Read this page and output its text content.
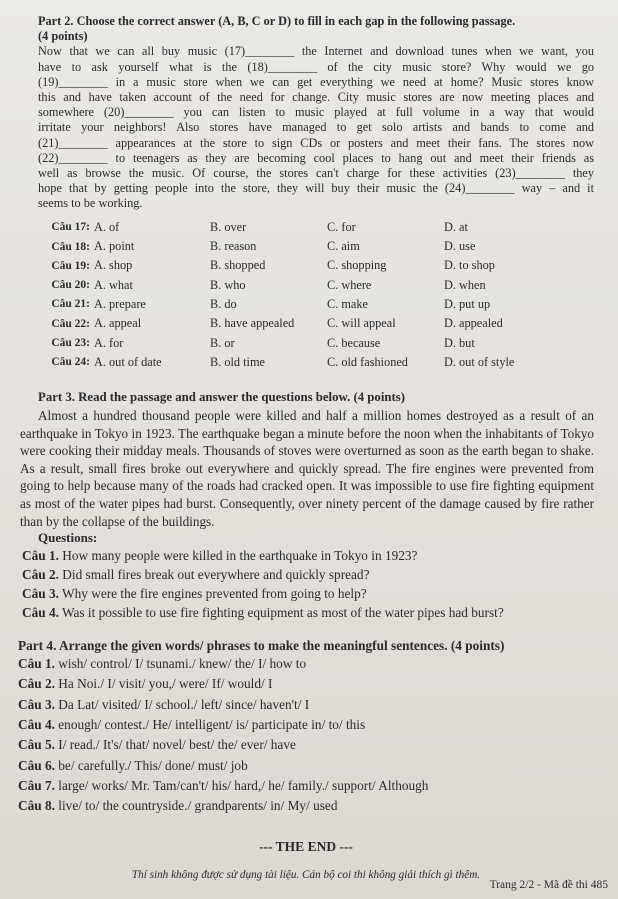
Part 2. Choose the correct answer (A, B, C or D) to fill in each gap in the following passage.
(4 points)
Now that we can all buy music (17)________ the Internet and download tunes when we want, you
have to ask yourself what is the (18)________ of the city music store? Why would we go
(19)________ in a music store when we can get everything we need at home? Music stores know
this and have taken account of the need for change. City music stores are now meeting places and
somewhere (20)________ you can listen to music played at full volume in a way that would
irritate your neighbors! Also stores have managed to get solo artists and bands to come and
(21)________ appearances at the store to sign CDs or posters and meet their fans. The stores now
(22)________ to teenagers as they are becoming cool places to hang out and meet their friends as
well as browse the music. Of course, the stores can't charge for these activities (23)________ they
hope that by getting people into the store, they will buy their music the (24)________ way – and it
seems to be working.
Câu 17:	A. of	B. over	C. for	D. at
Câu 18:	A. point	B. reason	C. aim	D. use
Câu 19:	A. shop	B. shopped	C. shopping	D. to shop
Câu 20:	A. what	B. who	C. where	D. when
Câu 21:	A. prepare	B. do	C. make	D. put up
Câu 22:	A. appeal	B. have appealed	C. will appeal	D. appealed
Câu 23:	A. for	B. or	C. because	D. but
Câu 24:	A. out of date	B. old time	C. old fashioned	D. out of style
Part 3. Read the passage and answer the questions below. (4 points)
Almost a hundred thousand people were killed and half a million homes destroyed as a result of an earthquake in Tokyo in 1923. The earthquake began a minute before the noon when the inhabitants of Tokyo were cooking their midday meals. Thousands of stoves were overturned as soon as the earth began to shake. As a result, small fires broke out everywhere and quickly spread. The fire engines were prevented from going to help because many of the roads had cracked open. It was impossible to use fire fighting equipment as most of the water pipes had burst. Consequently, over ninety percent of the damage caused by fire rather than by the collapse of the buildings.
Questions:
Câu 1. How many people were killed in the earthquake in Tokyo in 1923?
Câu 2. Did small fires break out everywhere and quickly spread?
Câu 3. Why were the fire engines prevented from going to help?
Câu 4. Was it possible to use fire fighting equipment as most of the water pipes had burst?
Part 4. Arrange the given words/ phrases to make the meaningful sentences. (4 points)
Câu 1. wish/ control/ I/ tsunami./ knew/ the/ I/ how to
Câu 2. Ha Noi./ I/ visit/ you,/ were/ If/ would/ I
Câu 3. Da Lat/ visited/ I/ school./ left/ since/ haven't/ I
Câu 4. enough/ contest./ He/ intelligent/ is/ participate in/ to/ this
Câu 5. I/ read./ It's/ that/ novel/ best/ the/ ever/ have
Câu 6. be/ carefully./ This/ done/ must/ job
Câu 7. large/ works/ Mr. Tam/can't/ his/ hard,/ he/ family./ support/ Although
Câu 8. live/ to/ the countryside./ grandparents/ in/ My/ used
--- THE END ---
Thí sinh không được sử dụng tài liệu. Cán bộ coi thi không giải thích gì thêm.
Trang 2/2 - Mã đề thi 485
